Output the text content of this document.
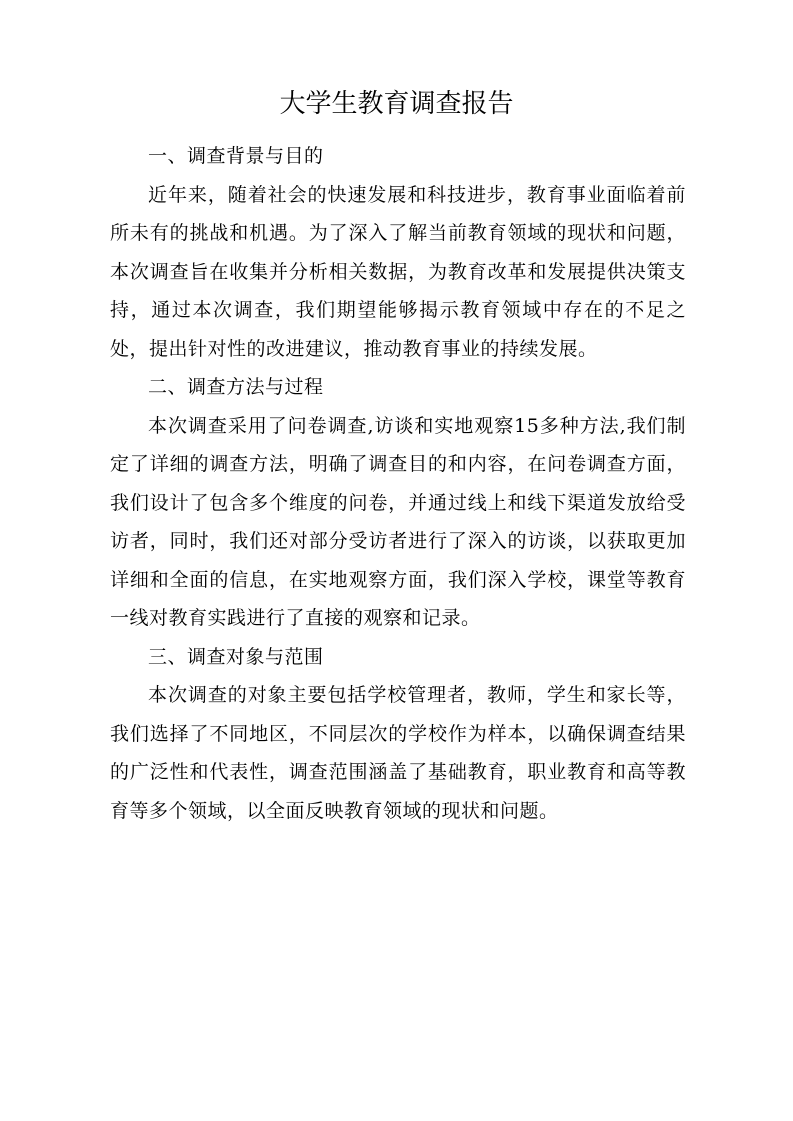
大学生教育调查报告

一、调查背景与目的

近年来，随着社会的快速发展和科技进步，教育事业面临着前所未有的挑战和机遇。为了深入了解当前教育领域的现状和问题，本次调查旨在收集并分析相关数据，为教育改革和发展提供决策支持，通过本次调查，我们期望能够揭示教育领域中存在的不足之处，提出针对性的改进建议，推动教育事业的持续发展。

二、调查方法与过程

本次调查采用了问卷调查,访谈和实地观察15多种方法,我们制定了详细的调查方法，明确了调查目的和内容，在问卷调查方面，我们设计了包含多个维度的问卷，并通过线上和线下渠道发放给受访者，同时，我们还对部分受访者进行了深入的访谈，以获取更加详细和全面的信息，在实地观察方面，我们深入学校，课堂等教育一线对教育实践进行了直接的观察和记录。

三、调查对象与范围

本次调查的对象主要包括学校管理者，教师，学生和家长等，我们选择了不同地区，不同层次的学校作为样本，以确保调查结果的广泛性和代表性，调查范围涵盖了基础教育，职业教育和高等教育等多个领域，以全面反映教育领域的现状和问题。
